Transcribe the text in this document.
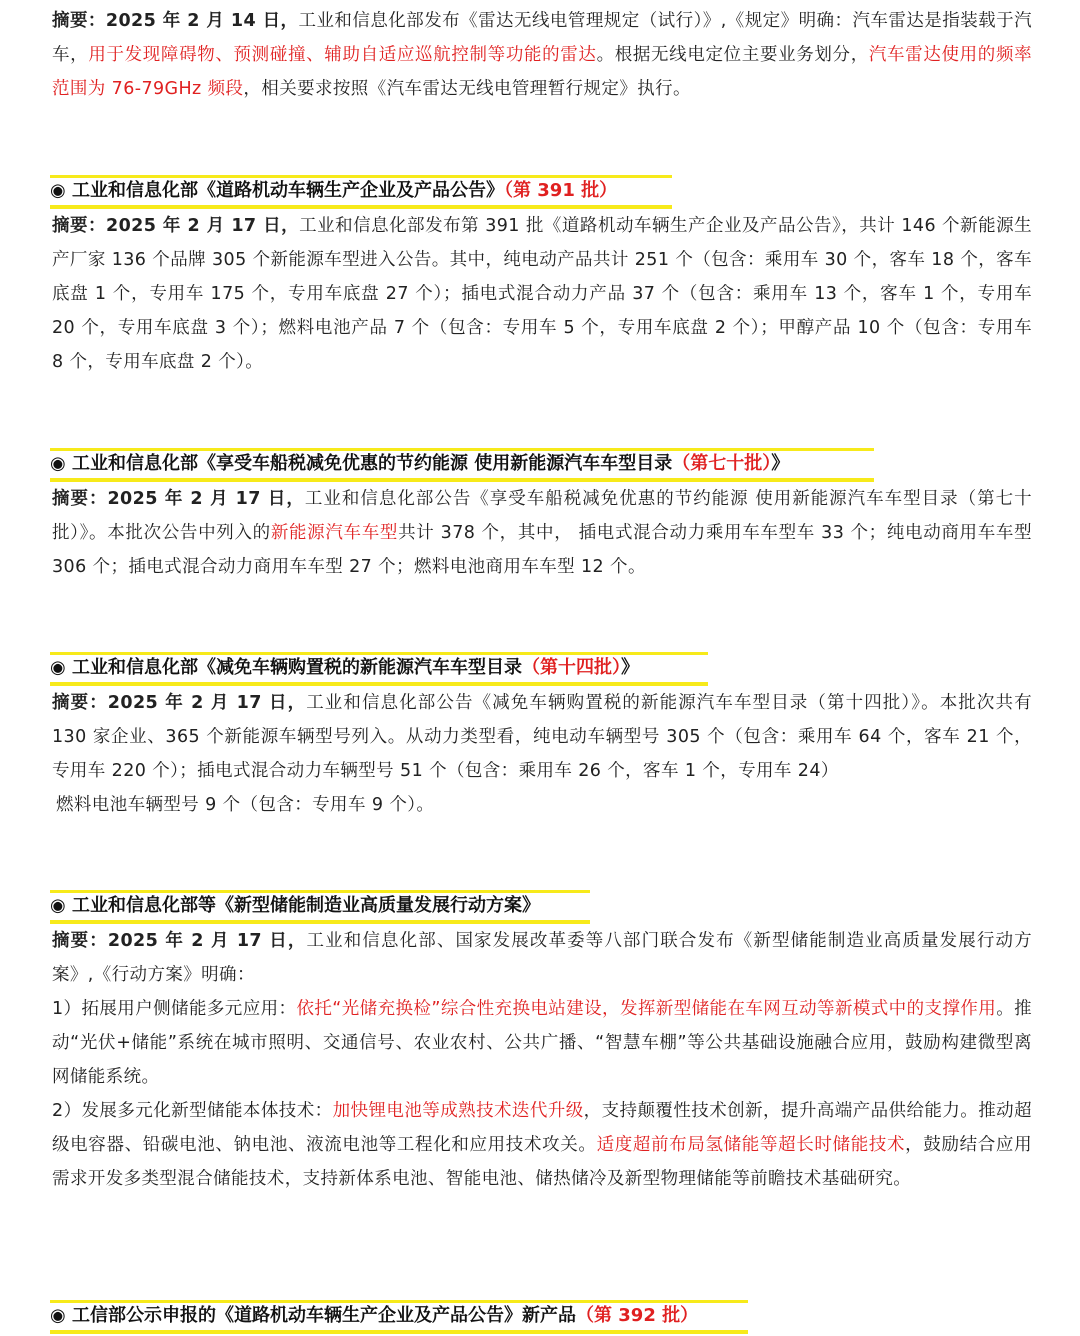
摘要：2025 年 2 月 14 日，工业和信息化部发布《雷达无线电管理规定（试行）》,《规定》明确：汽车雷达是指装载于汽车，用于发现障碍物、预测碰撞、辅助自适应巡航控制等功能的雷达。根据无线电定位主要业务划分，汽车雷达使用的频率范围为 76-79GHz 频段，相关要求按照《汽车雷达无线电管理暂行规定》执行。

◉ 工业和信息化部《道路机动车辆生产企业及产品公告》（第 391 批）

摘要：2025 年 2 月 17 日，工业和信息化部发布第 391 批《道路机动车辆生产企业及产品公告》，共计 146 个新能源生产厂家 136 个品牌 305 个新能源车型进入公告。其中，纯电动产品共计 251 个（包含：乘用车 30 个，客车 18 个，客车底盘 1 个，专用车 175 个，专用车底盘 27 个）；插电式混合动力产品 37 个（包含：乘用车 13 个，客车 1 个，专用车 20 个，专用车底盘 3 个）；燃料电池产品 7 个（包含：专用车 5 个，专用车底盘 2 个）；甲醇产品 10 个（包含：专用车 8 个，专用车底盘 2 个）。

◉ 工业和信息化部《享受车船税减免优惠的节约能源 使用新能源汽车车型目录（第七十批）》

摘要：2025 年 2 月 17 日，工业和信息化部公告《享受车船税减免优惠的节约能源 使用新能源汽车车型目录（第七十批）》。本批次公告中列入的新能源汽车车型共计 378 个，其中， 插电式混合动力乘用车车型车 33 个；纯电动商用车车型 306 个；插电式混合动力商用车车型 27 个；燃料电池商用车车型 12 个。

◉ 工业和信息化部《减免车辆购置税的新能源汽车车型目录（第十四批）》

摘要：2025 年 2 月 17 日，工业和信息化部公告《减免车辆购置税的新能源汽车车型目录（第十四批）》。本批次共有 130 家企业、365 个新能源车辆型号列入。从动力类型看，纯电动车辆型号 305 个（包含：乘用车 64 个，客车 21 个，专用车 220 个）；插电式混合动力车辆型号 51 个（包含：乘用车 26 个，客车 1 个，专用车 24）

燃料电池车辆型号 9 个（包含：专用车 9 个）。

◉ 工业和信息化部等《新型储能制造业高质量发展行动方案》

摘要：2025 年 2 月 17 日，工业和信息化部、国家发展改革委等八部门联合发布《新型储能制造业高质量发展行动方案》,《行动方案》明确：

1）拓展用户侧储能多元应用：依托“光储充换检”综合性充换电站建设，发挥新型储能在车网互动等新模式中的支撑作用。推动“光伏+储能”系统在城市照明、交通信号、农业农村、公共广播、“智慧车棚”等公共基础设施融合应用，鼓励构建微型离网储能系统。

2）发展多元化新型储能本体技术：加快锂电池等成熟技术迭代升级，支持颠覆性技术创新，提升高端产品供给能力。推动超级电容器、铅碳电池、钠电池、液流电池等工程化和应用技术攻关。适度超前布局氢储能等超长时储能技术，鼓励结合应用需求开发多类型混合储能技术，支持新体系电池、智能电池、储热储冷及新型物理储能等前瞻技术基础研究。

◉ 工信部公示申报的《道路机动车辆生产企业及产品公告》新产品（第 392 批）
